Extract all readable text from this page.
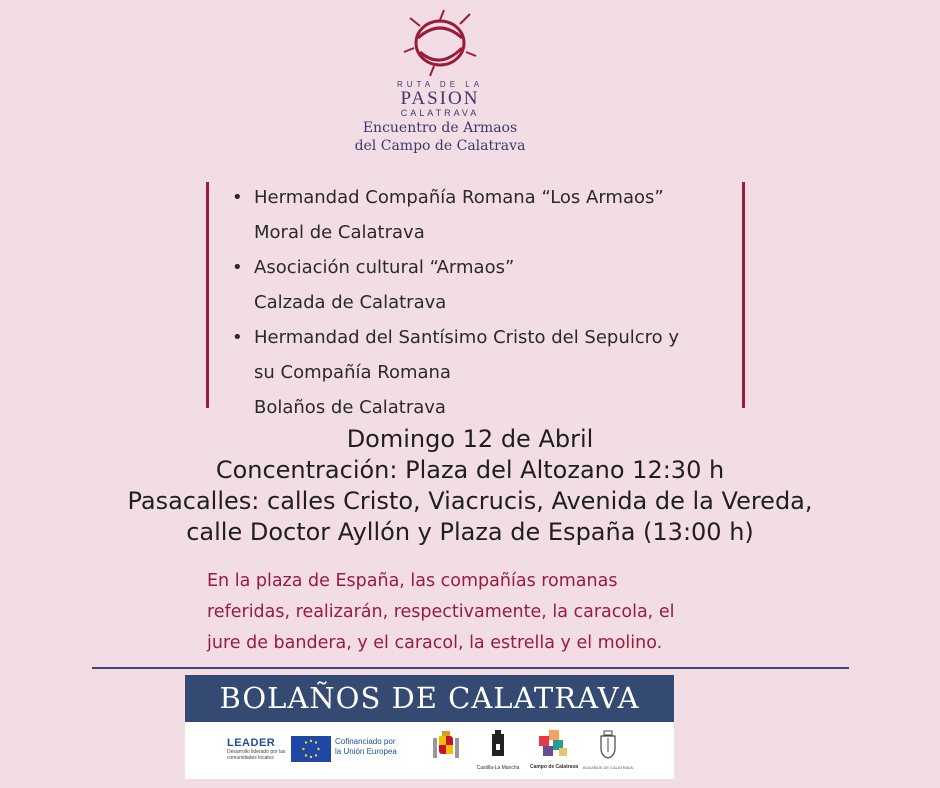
RUTA DE LA
PASION
CALATRAVA
Encuentro de Armaos
del Campo de Calatrava
• Hermandad Compañía Romana “Los Armaos”
Moral de Calatrava
• Asociación cultural “Armaos”
Calzada de Calatrava
• Hermandad del Santísimo Cristo del Sepulcro y
su Compañía Romana
Bolaños de Calatrava
Domingo 12 de Abril
Concentración: Plaza del Altozano 12:30 h
Pasacalles: calles Cristo, Viacrucis, Avenida de la Vereda,
calle Doctor Ayllón y Plaza de España (13:00 h)
En la plaza de España, las compañías romanas
referidas, realizarán, respectivamente, la caracola, el
jure de bandera, y el caracol, la estrella y el molino.
BOLAÑOS DE CALATRAVA
LEADER
Desarrollo liderado por las comunidades locales
Cofinanciado por
la Unión Europea
Castilla-La Mancha	Campo de Calatrava BOLAÑOS DE CALATRAVA
